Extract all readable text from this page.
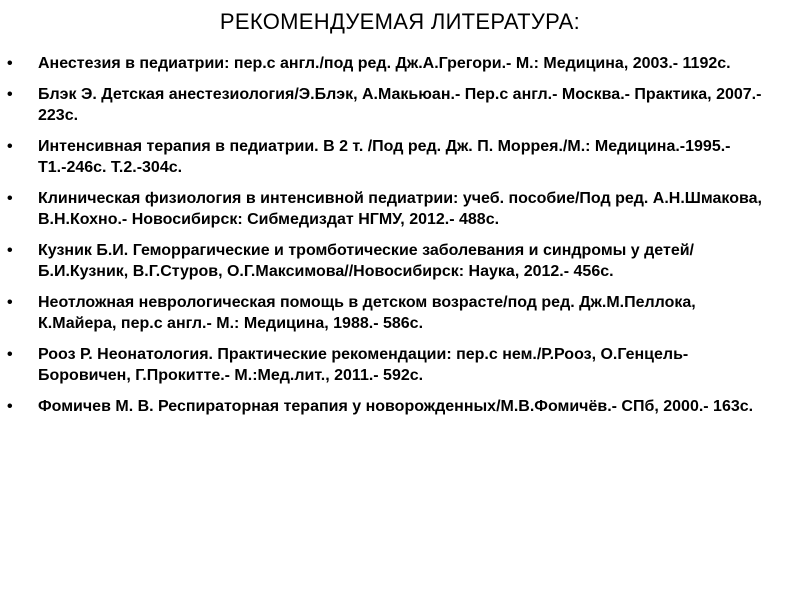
РЕКОМЕНДУЕМАЯ ЛИТЕРАТУРА:
• Анестезия в педиатрии: пер.с англ./под ред. Дж.А.Грегори.- М.: Медицина, 2003.- 1192с.
• Блэк Э. Детская анестезиология/Э.Блэк, А.Макьюан.- Пер.с англ.- Москва.- Практика, 2007.- 223с.
• Интенсивная терапия в педиатрии. В 2 т. /Под ред. Дж. П. Моррея./М.: Медицина.-1995.-Т1.-246с. Т.2.-304с.
• Клиническая физиология в интенсивной педиатрии: учеб. пособие/Под ред. А.Н.Шмакова, В.Н.Кохно.- Новосибирск: Сибмедиздат НГМУ, 2012.- 488с.
• Кузник Б.И. Геморрагические и тромботические заболевания и синдромы у детей/Б.И.Кузник, В.Г.Стуров, О.Г.Максимова//Новосибирск: Наука, 2012.- 456с.
• Неотложная неврологическая помощь в детском возрасте/под ред. Дж.М.Пеллока, К.Майера, пер.с англ.- М.: Медицина, 1988.- 586с.
• Рооз Р. Неонатология. Практические рекомендации: пер.с нем./Р.Рооз, О.Генцель-Боровичен, Г.Прокитте.- М.:Мед.лит., 2011.- 592с.
• Фомичев М. В. Респираторная терапия у новорожденных/М.В.Фомичёв.- СПб, 2000.- 163с.
